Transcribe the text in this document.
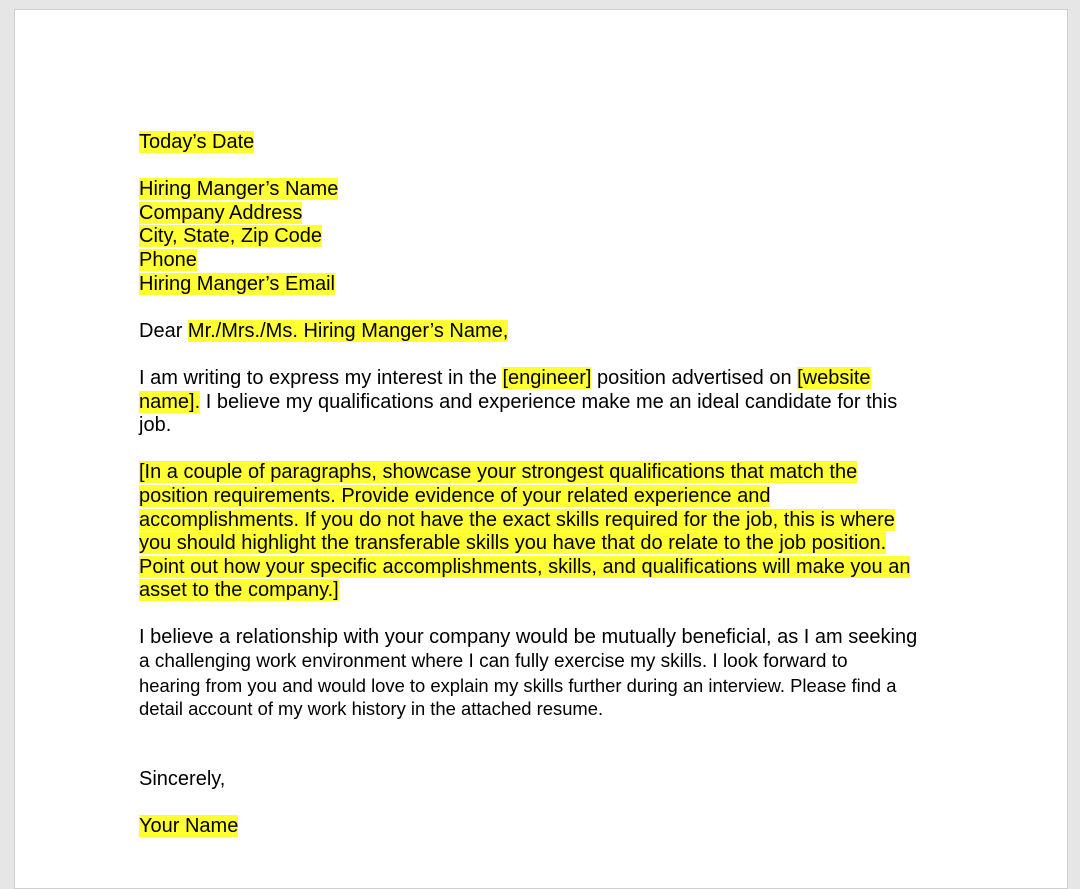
Today’s Date
Hiring Manger’s Name
Company Address
City, State, Zip Code
Phone
Hiring Manger’s Email
Dear Mr./Mrs./Ms. Hiring Manger’s Name,
I am writing to express my interest in the [engineer] position advertised on [website
name]. I believe my qualifications and experience make me an ideal candidate for this
job.
[In a couple of paragraphs, showcase your strongest qualifications that match the
position requirements. Provide evidence of your related experience and
accomplishments. If you do not have the exact skills required for the job, this is where
you should highlight the transferable skills you have that do relate to the job position.
Point out how your specific accomplishments, skills, and qualifications will make you an
asset to the company.]
I believe a relationship with your company would be mutually beneficial, as I am seeking
a challenging work environment where I can fully exercise my skills. I look forward to
hearing from you and would love to explain my skills further during an interview. Please find a
detail account of my work history in the attached resume.
Sincerely,
Your Name
